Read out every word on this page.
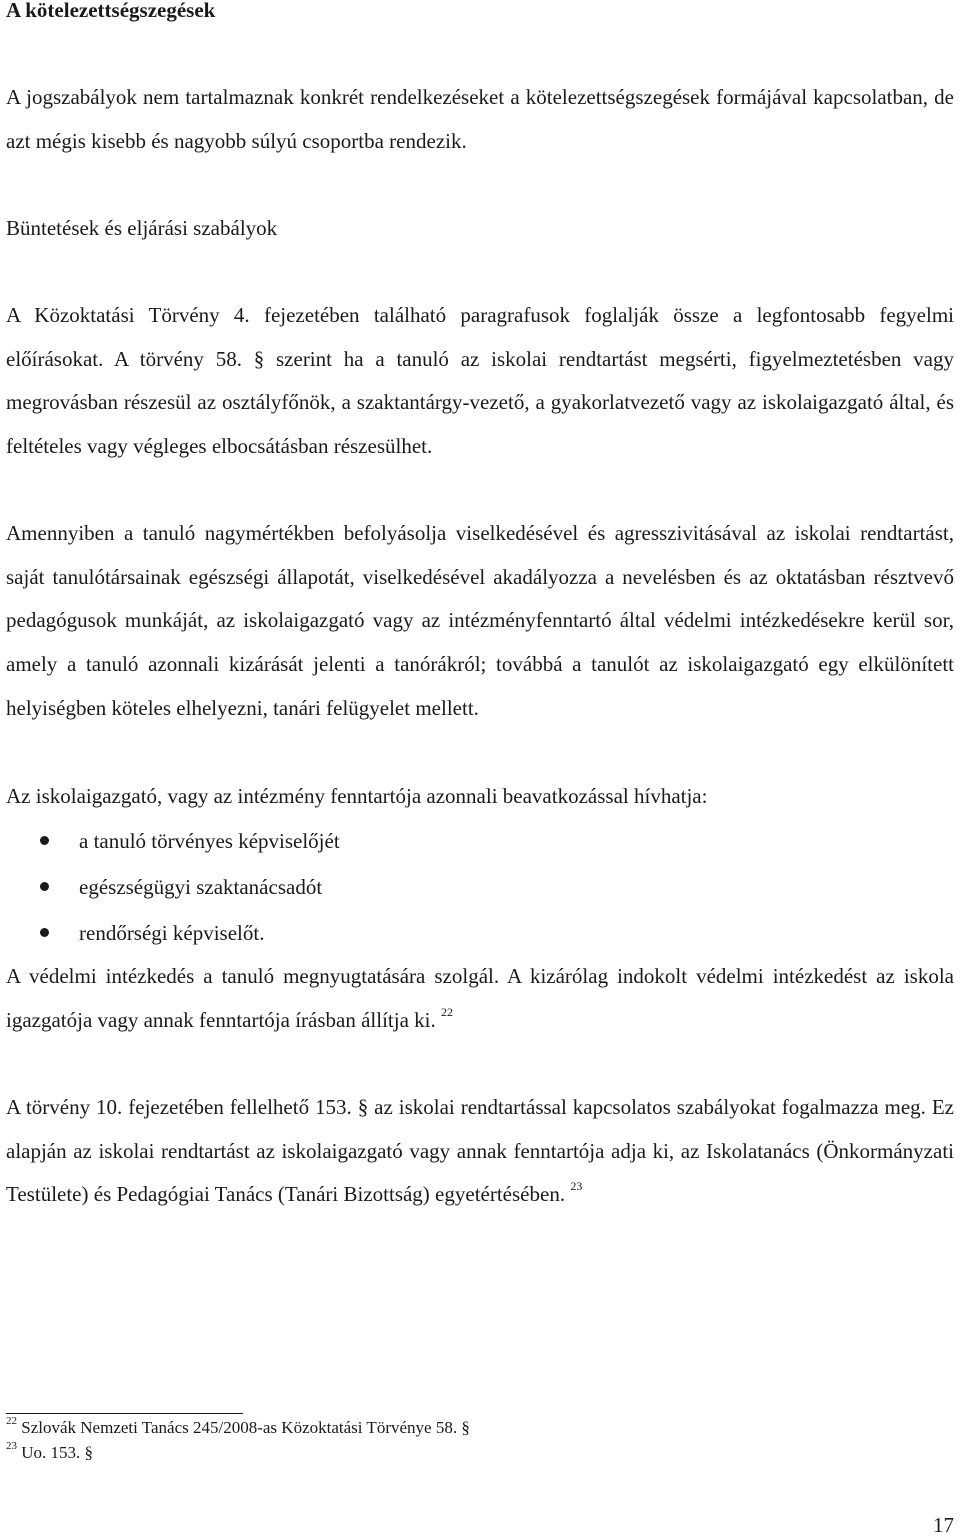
A kötelezettségszegések

A jogszabályok nem tartalmaznak konkrét rendelkezéseket a kötelezettségszegések formájával kapcsolatban, de azt mégis kisebb és nagyobb súlyú csoportba rendezik.

Büntetések és eljárási szabályok

A Közoktatási Törvény 4. fejezetében található paragrafusok foglalják össze a legfontosabb fegyelmi előírásokat. A törvény 58. § szerint ha a tanuló az iskolai rendtartást megsérti, figyelmeztetésben vagy megrovásban részesül az osztályfőnök, a szaktantárgy-vezető, a gyakorlatvezető vagy az iskolaigazgató által, és feltételes vagy végleges elbocsátásban részesülhet.

Amennyiben a tanuló nagymértékben befolyásolja viselkedésével és agresszivitásával az iskolai rendtartást, saját tanulótársainak egészségi állapotát, viselkedésével akadályozza a nevelésben és az oktatásban résztvevő pedagógusok munkáját, az iskolaigazgató vagy az intézményfenntartó által védelmi intézkedésekre kerül sor, amely a tanuló azonnali kizárását jelenti a tanórákról; továbbá a tanulót az iskolaigazgató egy elkülönített helyiségben köteles elhelyezni, tanári felügyelet mellett.

Az iskolaigazgató, vagy az intézmény fenntartója azonnali beavatkozással hívhatja:

a tanuló törvényes képviselőjét
egészségügyi szaktanácsadót
rendőrségi képviselőt.

A védelmi intézkedés a tanuló megnyugtatására szolgál. A kizárólag indokolt védelmi intézkedést az iskola igazgatója vagy annak fenntartója írásban állítja ki. $^{22}$

A törvény 10. fejezetében fellelhető 153. § az iskolai rendtartással kapcsolatos szabályokat fogalmazza meg. Ez alapján az iskolai rendtartást az iskolaigazgató vagy annak fenntartója adja ki, az Iskolatanács (Önkormányzati Testülete) és Pedagógiai Tanács (Tanári Bizottság) egyetértésében. $^{23}$

$^{22}$ Szlovák Nemzeti Tanács 245/2008-as Közoktatási Törvénye 58. §
$^{23}$ Uo. 153. §
17
